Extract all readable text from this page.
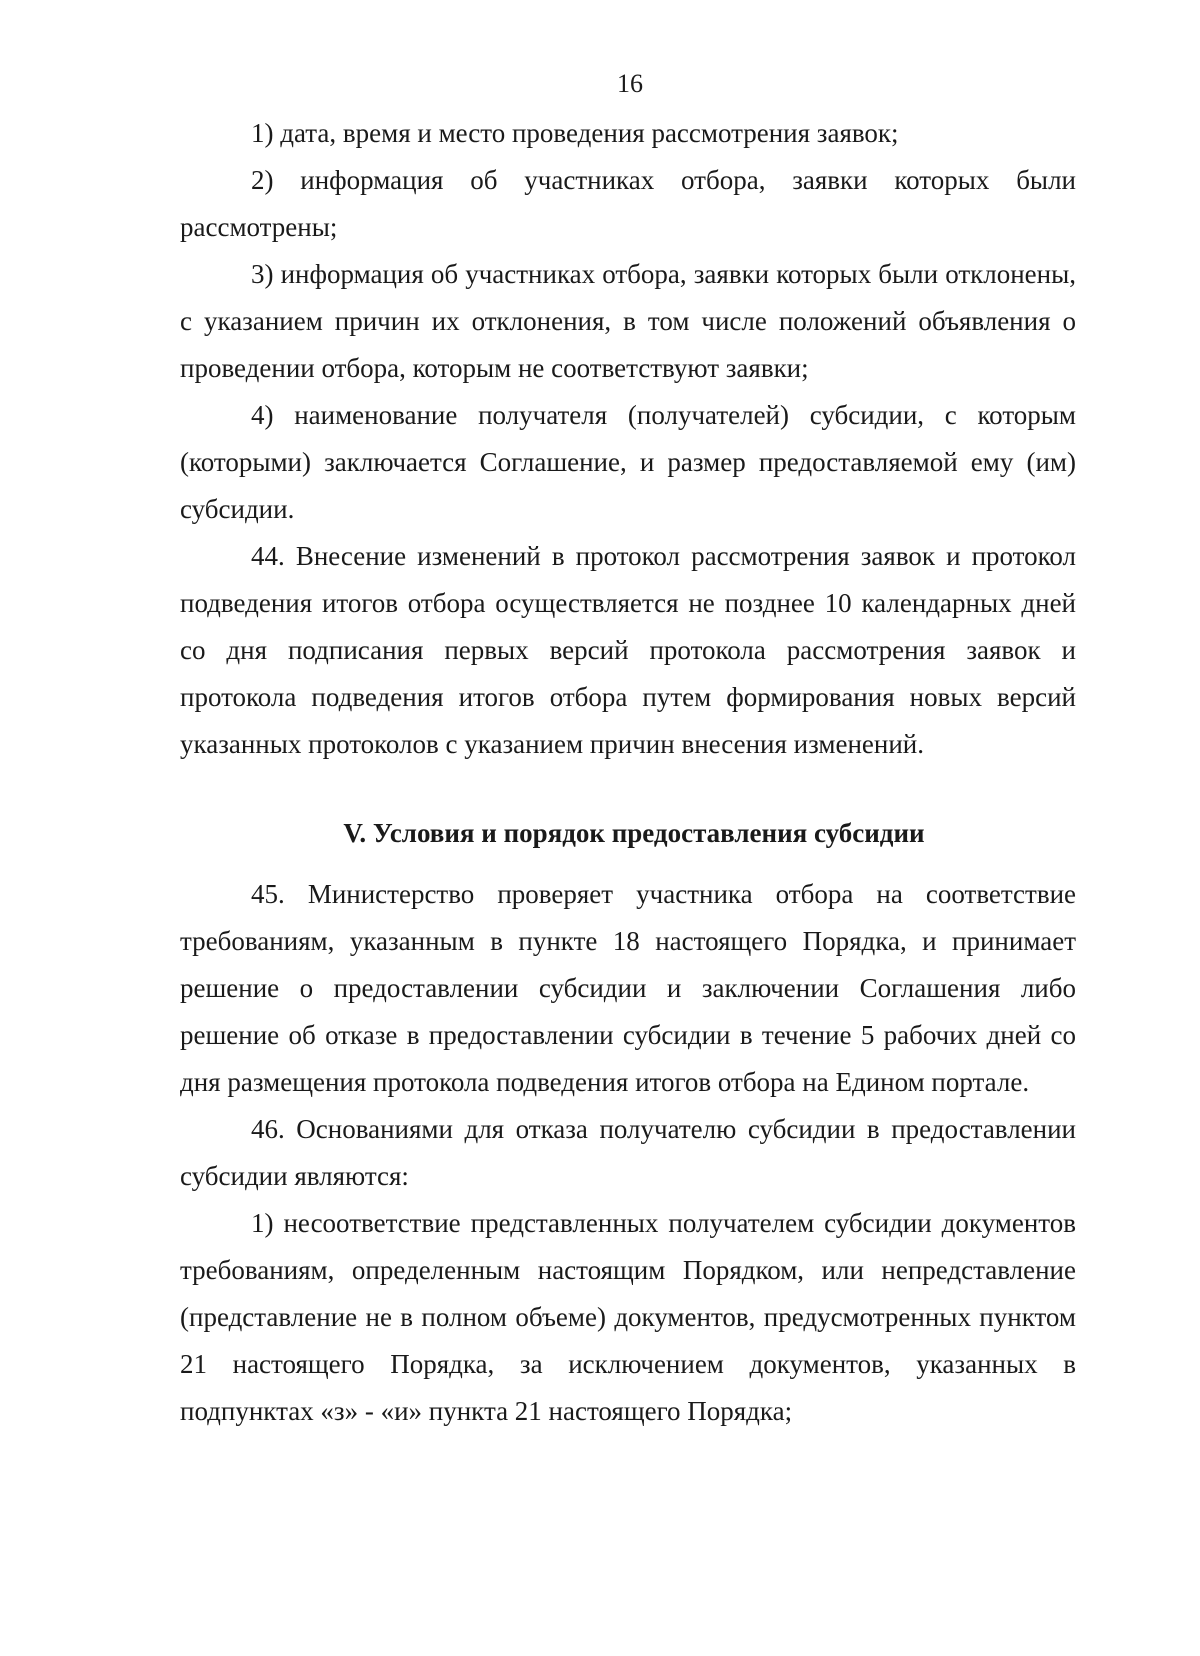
16

1) дата, время и место проведения рассмотрения заявок;

2) информация об участниках отбора, заявки которых были рассмотрены;

3) информация об участниках отбора, заявки которых были отклонены, с указанием причин их отклонения, в том числе положений объявления о проведении отбора, которым не соответствуют заявки;

4) наименование получателя (получателей) субсидии, с которым (которыми) заключается Соглашение, и размер предоставляемой ему (им) субсидии.

44. Внесение изменений в протокол рассмотрения заявок и протокол подведения итогов отбора осуществляется не позднее 10 календарных дней со дня подписания первых версий протокола рассмотрения заявок и протокола подведения итогов отбора путем формирования новых версий указанных протоколов с указанием причин внесения изменений.

V. Условия и порядок предоставления субсидии

45. Министерство проверяет участника отбора на соответствие требованиям, указанным в пункте 18 настоящего Порядка, и принимает решение о предоставлении субсидии и заключении Соглашения либо решение об отказе в предоставлении субсидии в течение 5 рабочих дней со дня размещения протокола подведения итогов отбора на Едином портале.

46. Основаниями для отказа получателю субсидии в предоставлении субсидии являются:

1) несоответствие представленных получателем субсидии документов требованиям, определенным настоящим Порядком, или непредставление (представление не в полном объеме) документов, предусмотренных пунктом 21 настоящего Порядка, за исключением документов, указанных в подпунктах «з» - «и» пункта 21 настоящего Порядка;
